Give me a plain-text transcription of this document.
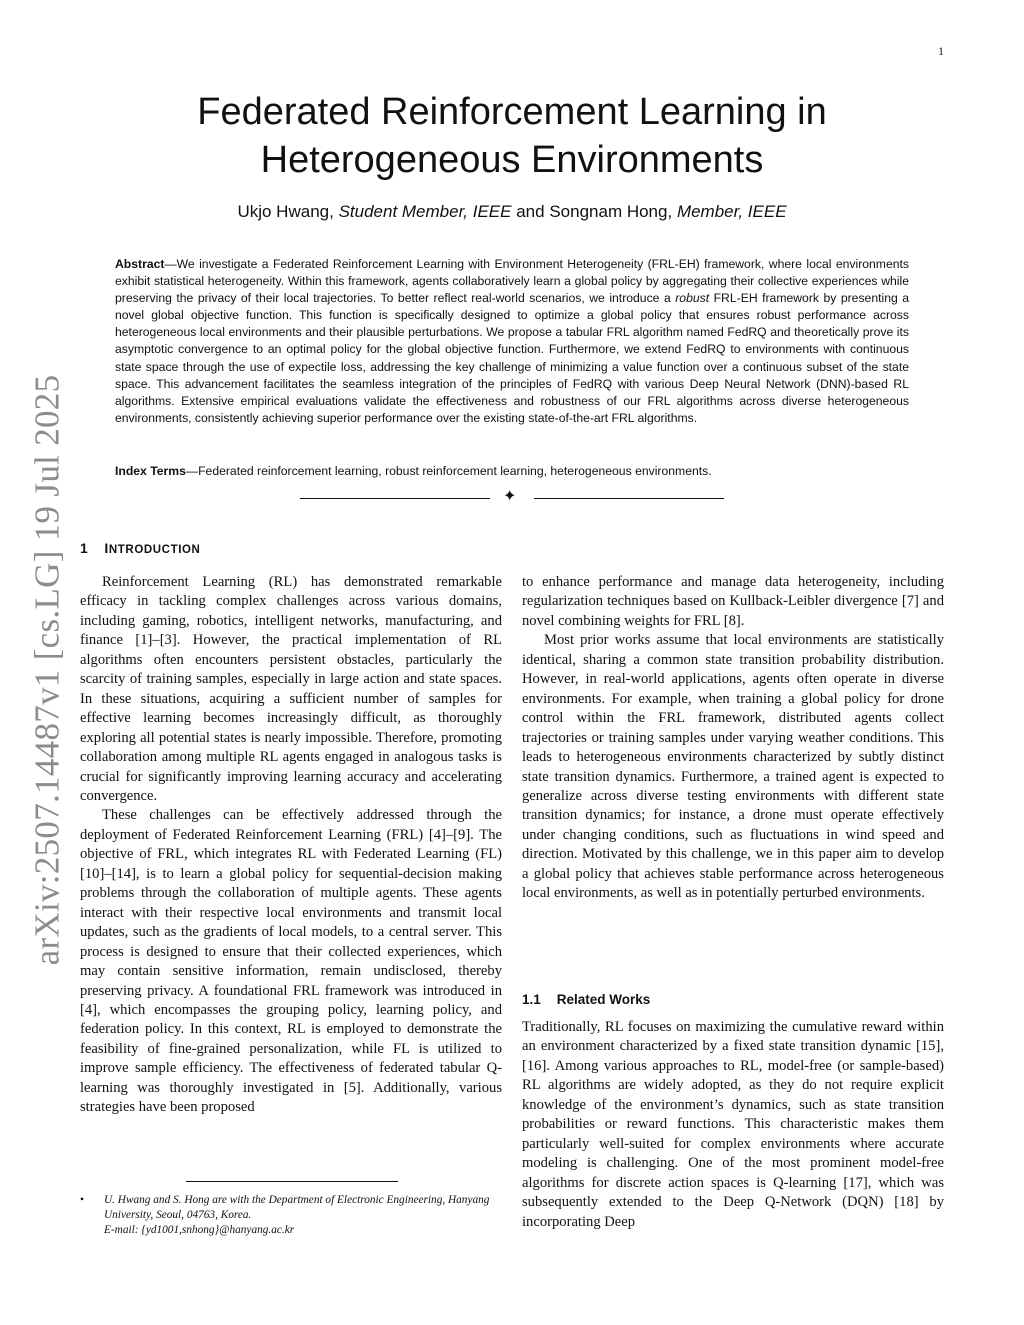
1
arXiv:2507.14487v1 [cs.LG] 19 Jul 2025
Federated Reinforcement Learning in
Heterogeneous Environments
Ukjo Hwang, Student Member, IEEE and Songnam Hong, Member, IEEE

Abstract—We investigate a Federated Reinforcement Learning with Environment Heterogeneity (FRL-EH) framework, where local environments exhibit statistical heterogeneity. Within this framework, agents collaboratively learn a global policy by aggregating their collective experiences while preserving the privacy of their local trajectories. To better reflect real-world scenarios, we introduce a robust FRL-EH framework by presenting a novel global objective function. This function is specifically designed to optimize a global policy that ensures robust performance across heterogeneous local environments and their plausible perturbations. We propose a tabular FRL algorithm named FedRQ and theoretically prove its asymptotic convergence to an optimal policy for the global objective function. Furthermore, we extend FedRQ to environments with continuous state space through the use of expectile loss, addressing the key challenge of minimizing a value function over a continuous subset of the state space. This advancement facilitates the seamless integration of the principles of FedRQ with various Deep Neural Network (DNN)-based RL algorithms. Extensive empirical evaluations validate the effectiveness and robustness of our FRL algorithms across diverse heterogeneous environments, consistently achieving superior performance over the existing state-of-the-art FRL algorithms.

Index Terms—Federated reinforcement learning, robust reinforcement learning, heterogeneous environments.

✦
1 INTRODUCTION

Reinforcement Learning (RL) has demonstrated remarkable efficacy in tackling complex challenges across various domains, including gaming, robotics, intelligent networks, manufacturing, and finance [1]–[3]. However, the practical implementation of RL algorithms often encounters persistent obstacles, particularly the scarcity of training samples, especially in large action and state spaces. In these situations, acquiring a sufficient number of samples for effective learning becomes increasingly difficult, as thoroughly exploring all potential states is nearly impossible. Therefore, promoting collaboration among multiple RL agents engaged in analogous tasks is crucial for significantly improving learning accuracy and accelerating convergence.

These challenges can be effectively addressed through the deployment of Federated Reinforcement Learning (FRL) [4]–[9]. The objective of FRL, which integrates RL with Federated Learning (FL) [10]–[14], is to learn a global policy for sequential-decision making problems through the collaboration of multiple agents. These agents interact with their respective local environments and transmit local updates, such as the gradients of local models, to a central server. This process is designed to ensure that their collected experiences, which may contain sensitive information, remain undisclosed, thereby preserving privacy. A foundational FRL framework was introduced in [4], which encompasses the grouping policy, learning policy, and federation policy. In this context, RL is employed to demonstrate the feasibility of fine-grained personalization, while FL is utilized to improve sample efficiency. The effectiveness of federated tabular Q-learning was thoroughly investigated in [5]. Additionally, various strategies have been proposed

to enhance performance and manage data heterogeneity, including regularization techniques based on Kullback-Leibler divergence [7] and novel combining weights for FRL [8].

Most prior works assume that local environments are statistically identical, sharing a common state transition probability distribution. However, in real-world applications, agents often operate in diverse environments. For example, when training a global policy for drone control within the FRL framework, distributed agents collect trajectories or training samples under varying weather conditions. This leads to heterogeneous environments characterized by subtly distinct state transition dynamics. Furthermore, a trained agent is expected to generalize across diverse testing environments with different state transition dynamics; for instance, a drone must operate effectively under changing conditions, such as fluctuations in wind speed and direction. Motivated by this challenge, we in this paper aim to develop a global policy that achieves stable performance across heterogeneous local environments, as well as in potentially perturbed environments.

1.1 Related Works

Traditionally, RL focuses on maximizing the cumulative reward within an environment characterized by a fixed state transition dynamic [15], [16]. Among various approaches to RL, model-free (or sample-based) RL algorithms are widely adopted, as they do not require explicit knowledge of the environment’s dynamics, such as state transition probabilities or reward functions. This characteristic makes them particularly well-suited for complex environments where accurate modeling is challenging. One of the most prominent model-free algorithms for discrete action spaces is Q-learning [17], which was subsequently extended to the Deep Q-Network (DQN) [18] by incorporating Deep

• U. Hwang and S. Hong are with the Department of Electronic Engineering, Hanyang University, Seoul, 04763, Korea.
E-mail: {yd1001,snhong}@hanyang.ac.kr
